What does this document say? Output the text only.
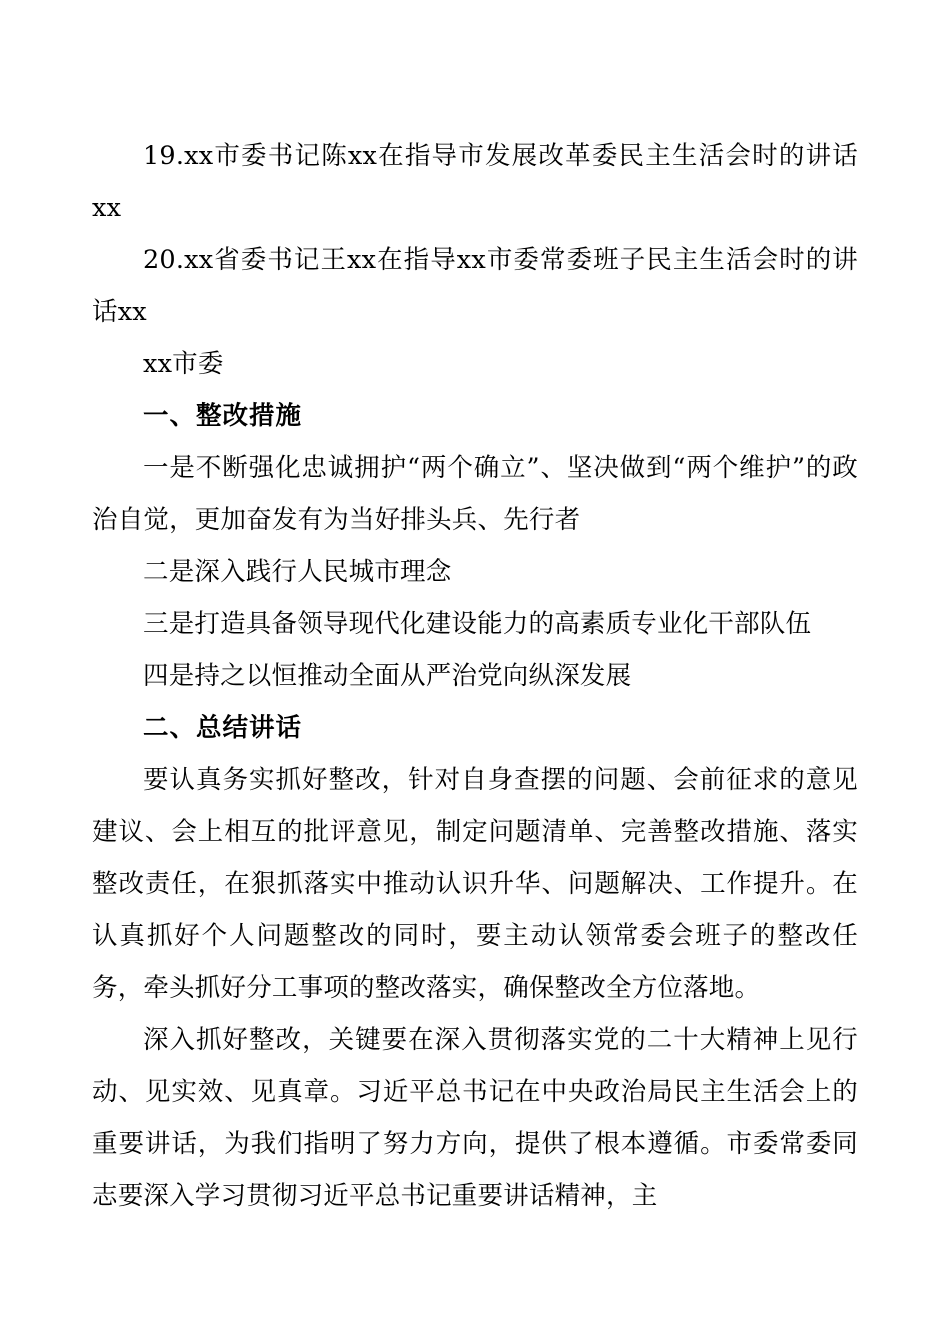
19.xx市委书记陈xx在指导市发展改革委民主生活会时的讲话xx

20.xx省委书记王xx在指导xx市委常委班子民主生活会时的讲话xx

xx市委

一、整改措施

一是不断强化忠诚拥护“两个确立”、坚决做到“两个维护”的政治自觉，更加奋发有为当好排头兵、先行者

二是深入践行人民城市理念

三是打造具备领导现代化建设能力的高素质专业化干部队伍

四是持之以恒推动全面从严治党向纵深发展

二、总结讲话

要认真务实抓好整改，针对自身查摆的问题、会前征求的意见建议、会上相互的批评意见，制定问题清单、完善整改措施、落实整改责任，在狠抓落实中推动认识升华、问题解决、工作提升。在认真抓好个人问题整改的同时，要主动认领常委会班子的整改任务，牵头抓好分工事项的整改落实，确保整改全方位落地。

深入抓好整改，关键要在深入贯彻落实党的二十大精神上见行动、见实效、见真章。习近平总书记在中央政治局民主生活会上的重要讲话，为我们指明了努力方向，提供了根本遵循。市委常委同志要深入学习贯彻习近平总书记重要讲话精神，主
